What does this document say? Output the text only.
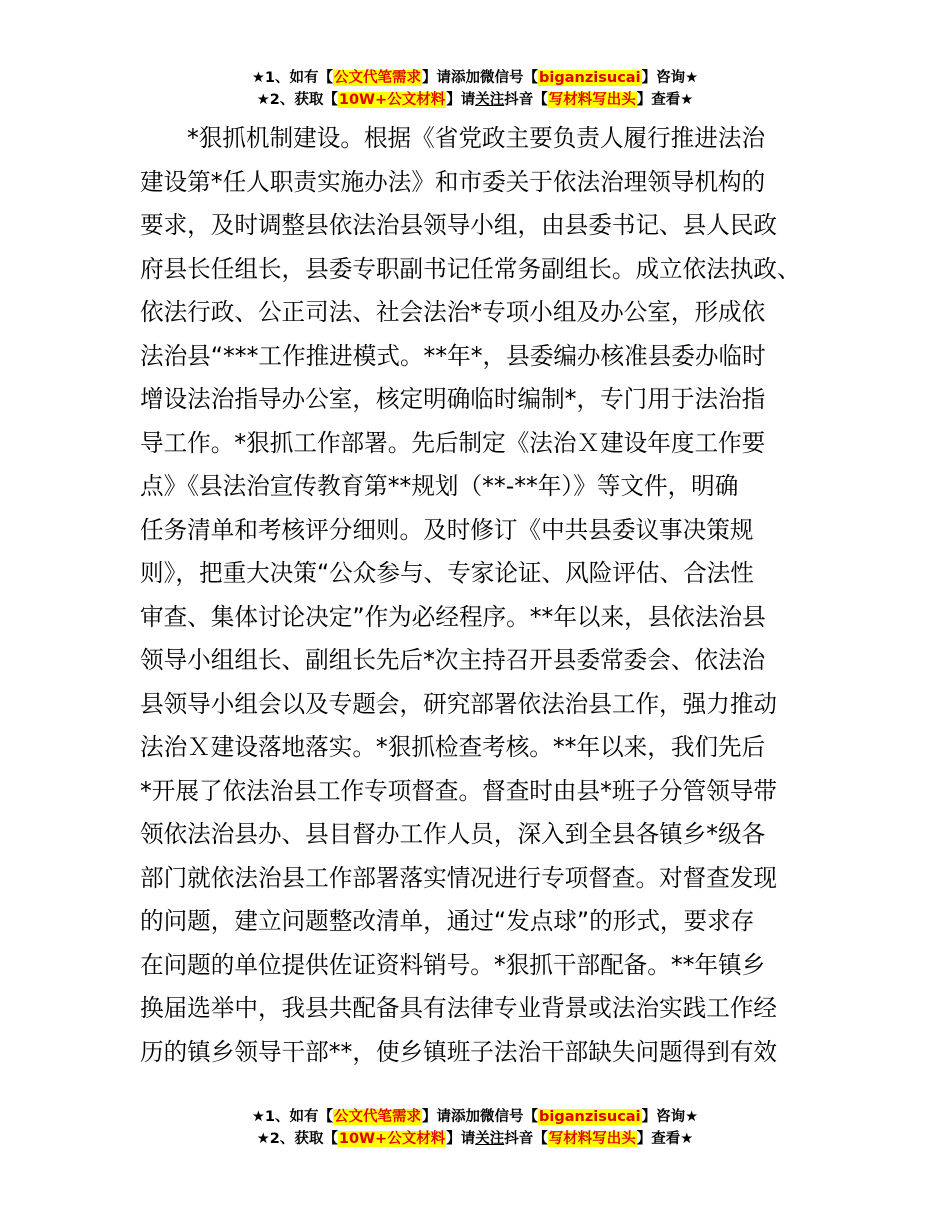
★1、如有【公文代笔需求】请添加微信号【biganzisucai】咨询★
★2、获取【10W+公文材料】请关注抖音【写材料写出头】查看★
*狠抓机制建设。根据《省党政主要负责人履行推进法治
建设第*任人职责实施办法》和市委关于依法治理领导机构的
要求，及时调整县依法治县领导小组，由县委书记、县人民政
府县长任组长，县委专职副书记任常务副组长。成立依法执政、
依法行政、公正司法、社会法治*专项小组及办公室，形成依
法治县“***工作推进模式。**年*，县委编办核准县委办临时
增设法治指导办公室，核定明确临时编制*，专门用于法治指
导工作。*狠抓工作部署。先后制定《法治Ｘ建设年度工作要
点》《县法治宣传教育第**规划（**-**年）》等文件，明确
任务清单和考核评分细则。及时修订《中共县委议事决策规
则》，把重大决策“公众参与、专家论证、风险评估、合法性
审查、集体讨论决定”作为必经程序。**年以来，县依法治县
领导小组组长、副组长先后*次主持召开县委常委会、依法治
县领导小组会以及专题会，研究部署依法治县工作，强力推动
法治Ｘ建设落地落实。*狠抓检查考核。**年以来，我们先后
*开展了依法治县工作专项督查。督查时由县*班子分管领导带
领依法治县办、县目督办工作人员，深入到全县各镇乡*级各
部门就依法治县工作部署落实情况进行专项督查。对督查发现
的问题，建立问题整改清单，通过“发点球”的形式，要求存
在问题的单位提供佐证资料销号。*狠抓干部配备。**年镇乡
换届选举中，我县共配备具有法律专业背景或法治实践工作经
历的镇乡领导干部**，使乡镇班子法治干部缺失问题得到有效
★1、如有【公文代笔需求】请添加微信号【biganzisucai】咨询★
★2、获取【10W+公文材料】请关注抖音【写材料写出头】查看★
